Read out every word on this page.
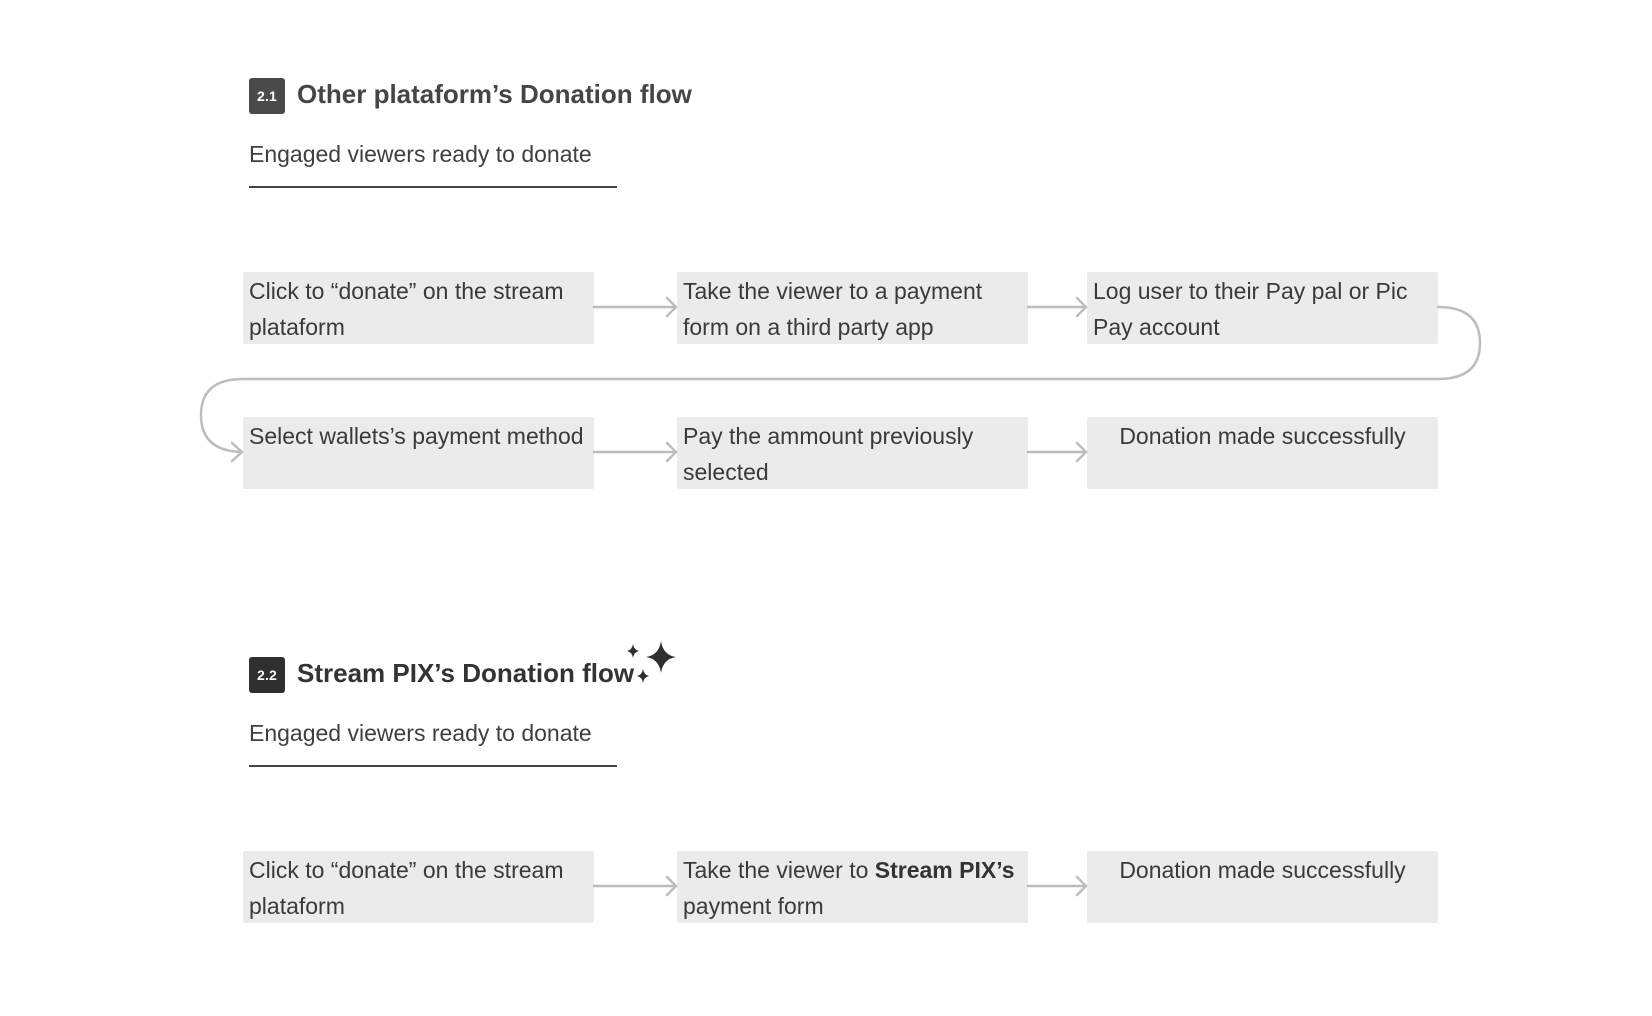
2.1 Other plataform’s Donation flow
Engaged viewers ready to donate
Click to “donate” on the stream plataform
Take the viewer to a payment form on a third party app
Log user to their Pay pal or Pic Pay account
Select wallets’s payment method	Pay the ammount previously selected
Donation made successfully
2.2 Stream PIX’s Donation flow
Engaged viewers ready to donate
Click to “donate” on the stream plataform
Take the viewer to Stream PIX’s payment form
Donation made successfully
